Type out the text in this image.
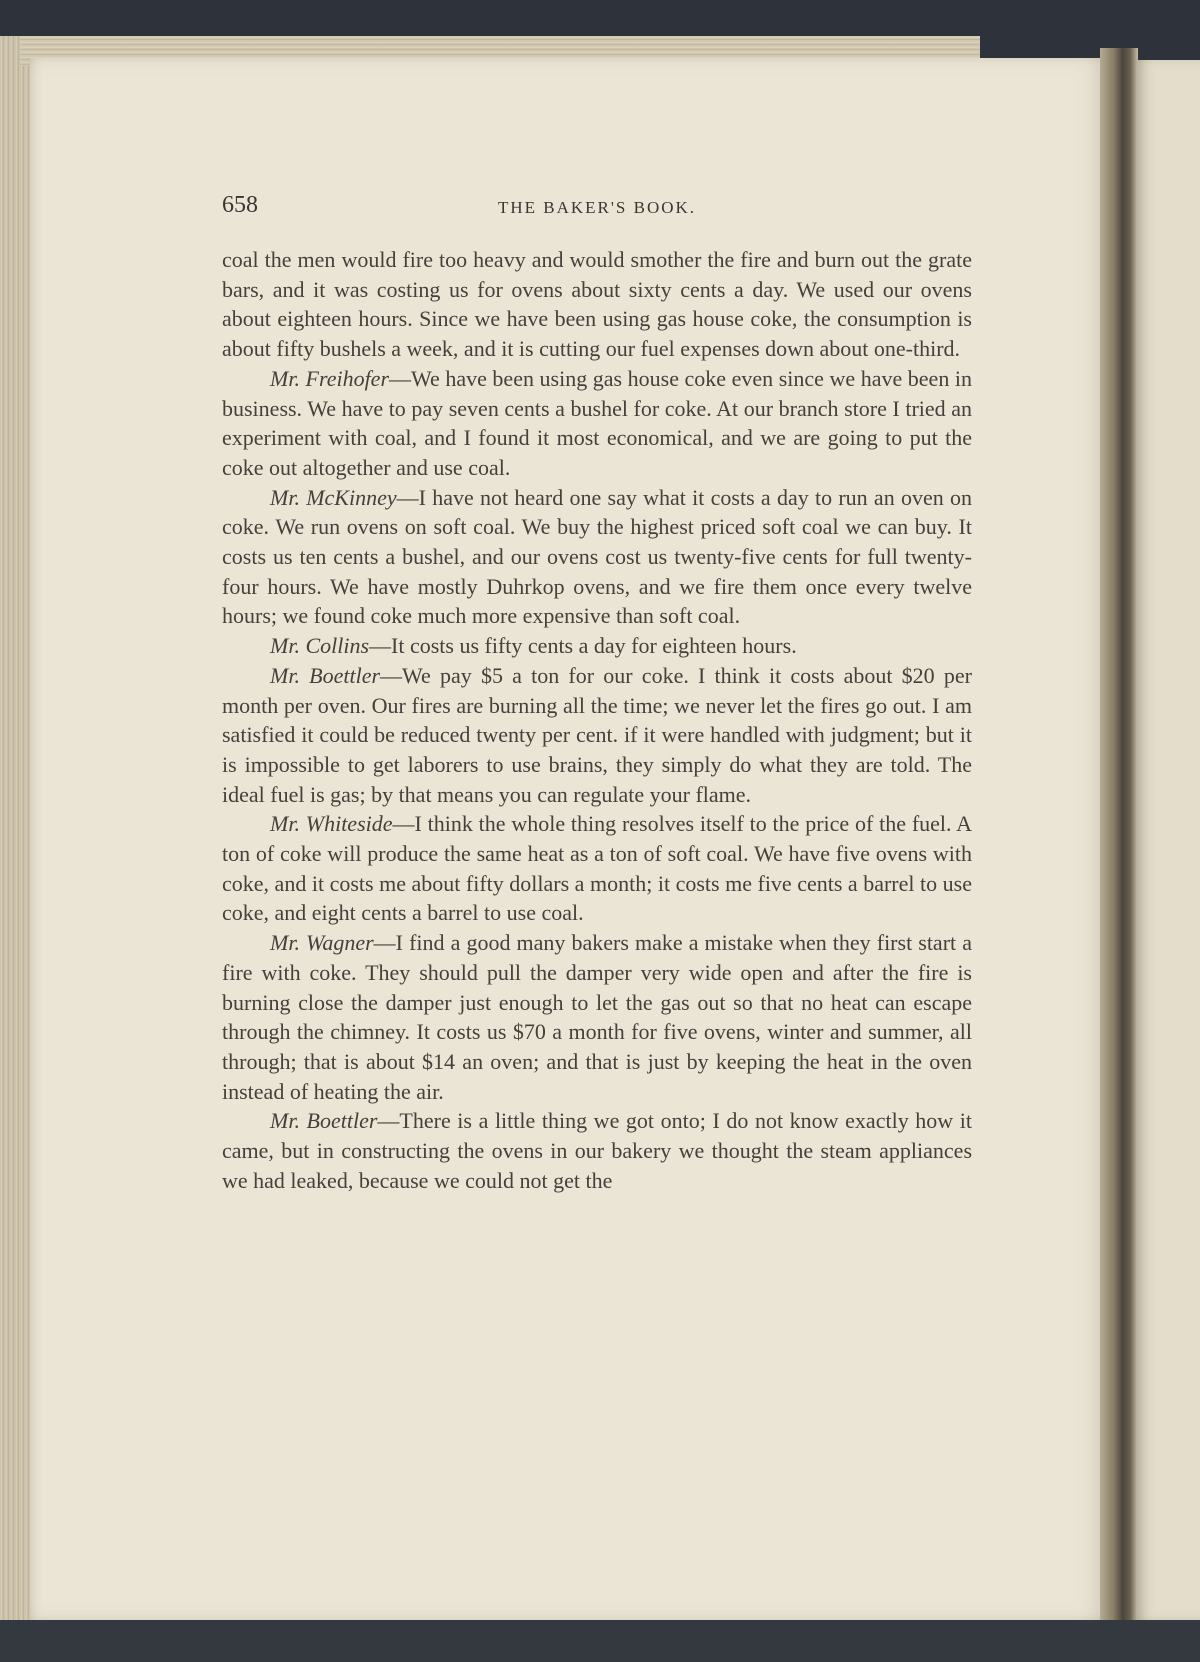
658	THE BAKER'S BOOK.

coal the men would fire too heavy and would smother the fire and burn out the grate bars, and it was costing us for ovens about sixty cents a day. We used our ovens about eighteen hours. Since we have been using gas house coke, the consumption is about fifty bushels a week, and it is cutting our fuel expenses down about one-third.

Mr. Freihofer—We have been using gas house coke even since we have been in business. We have to pay seven cents a bushel for coke. At our branch store I tried an experiment with coal, and I found it most economical, and we are going to put the coke out altogether and use coal.

Mr. McKinney—I have not heard one say what it costs a day to run an oven on coke. We run ovens on soft coal. We buy the highest priced soft coal we can buy. It costs us ten cents a bushel, and our ovens cost us twenty-five cents for full twenty-four hours. We have mostly Duhrkop ovens, and we fire them once every twelve hours; we found coke much more expensive than soft coal.

Mr. Collins—It costs us fifty cents a day for eighteen hours.

Mr. Boettler—We pay $5 a ton for our coke. I think it costs about $20 per month per oven. Our fires are burning all the time; we never let the fires go out. I am satisfied it could be reduced twenty per cent. if it were handled with judgment; but it is impossible to get laborers to use brains, they simply do what they are told. The ideal fuel is gas; by that means you can regulate your flame.

Mr. Whiteside—I think the whole thing resolves itself to the price of the fuel. A ton of coke will produce the same heat as a ton of soft coal. We have five ovens with coke, and it costs me about fifty dollars a month; it costs me five cents a barrel to use coke, and eight cents a barrel to use coal.

Mr. Wagner—I find a good many bakers make a mistake when they first start a fire with coke. They should pull the damper very wide open and after the fire is burning close the damper just enough to let the gas out so that no heat can escape through the chimney. It costs us $70 a month for five ovens, winter and summer, all through; that is about $14 an oven; and that is just by keeping the heat in the oven instead of heating the air.

Mr. Boettler—There is a little thing we got onto; I do not know exactly how it came, but in constructing the ovens in our bakery we thought the steam appliances we had leaked, because we could not get the
